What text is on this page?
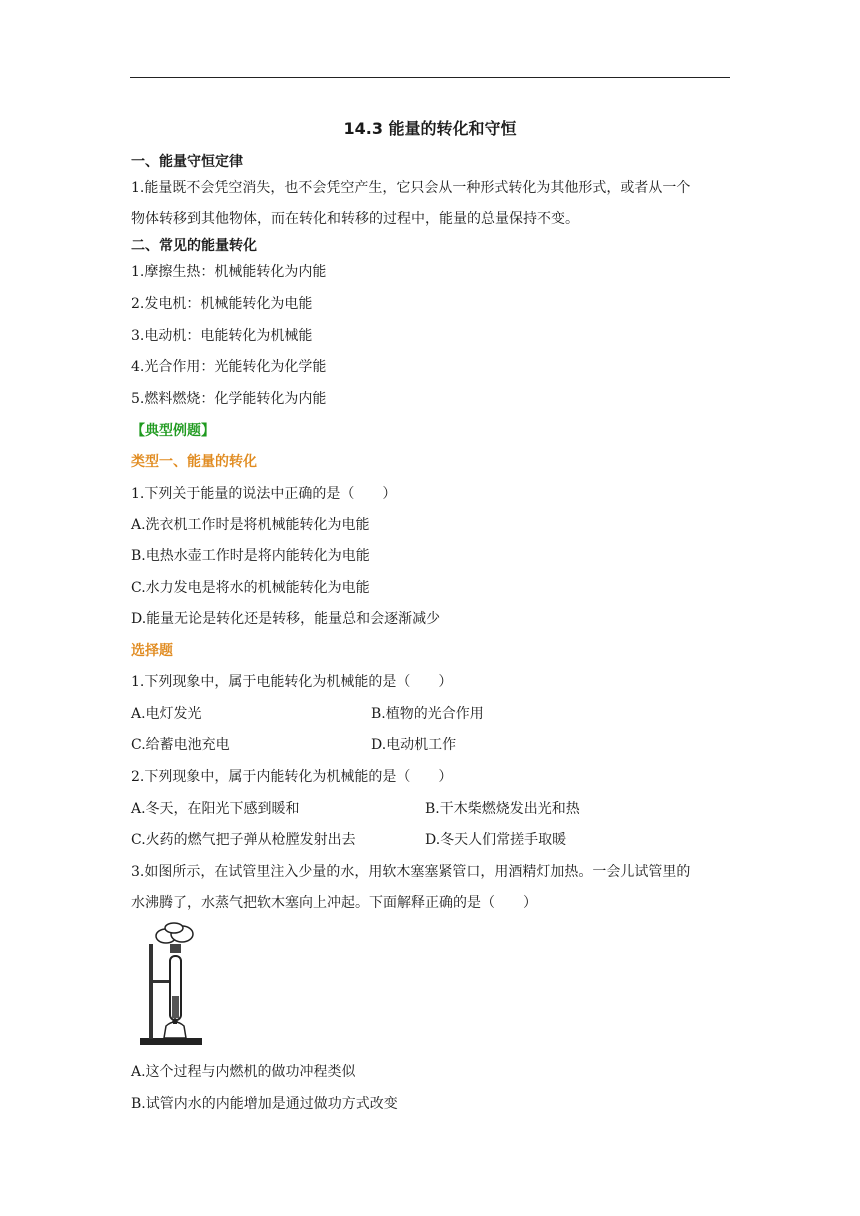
14.3 能量的转化和守恒
一、能量守恒定律
1.能量既不会凭空消失，也不会凭空产生，它只会从一种形式转化为其他形式，或者从一个
物体转移到其他物体，而在转化和转移的过程中，能量的总量保持不变。
二、常见的能量转化
1.摩擦生热：机械能转化为内能
2.发电机：机械能转化为电能
3.电动机：电能转化为机械能
4.光合作用：光能转化为化学能
5.燃料燃烧：化学能转化为内能
【典型例题】
类型一、能量的转化
1.下列关于能量的说法中正确的是（　　）
A.洗衣机工作时是将机械能转化为电能
B.电热水壶工作时是将内能转化为电能
C.水力发电是将水的机械能转化为电能
D.能量无论是转化还是转移，能量总和会逐渐减少
选择题
1.下列现象中，属于电能转化为机械能的是（　　）
A.电灯发光	B.植物的光合作用
C.给蓄电池充电	D.电动机工作
2.下列现象中，属于内能转化为机械能的是（　　）
A.冬天，在阳光下感到暖和	B.干木柴燃烧发出光和热
C.火药的燃气把子弹从枪膛发射出去	D.冬天人们常搓手取暖
3.如图所示，在试管里注入少量的水，用软木塞塞紧管口，用酒精灯加热。一会儿试管里的
水沸腾了，水蒸气把软木塞向上冲起。下面解释正确的是（　　）
A.这个过程与内燃机的做功冲程类似
B.试管内水的内能增加是通过做功方式改变
